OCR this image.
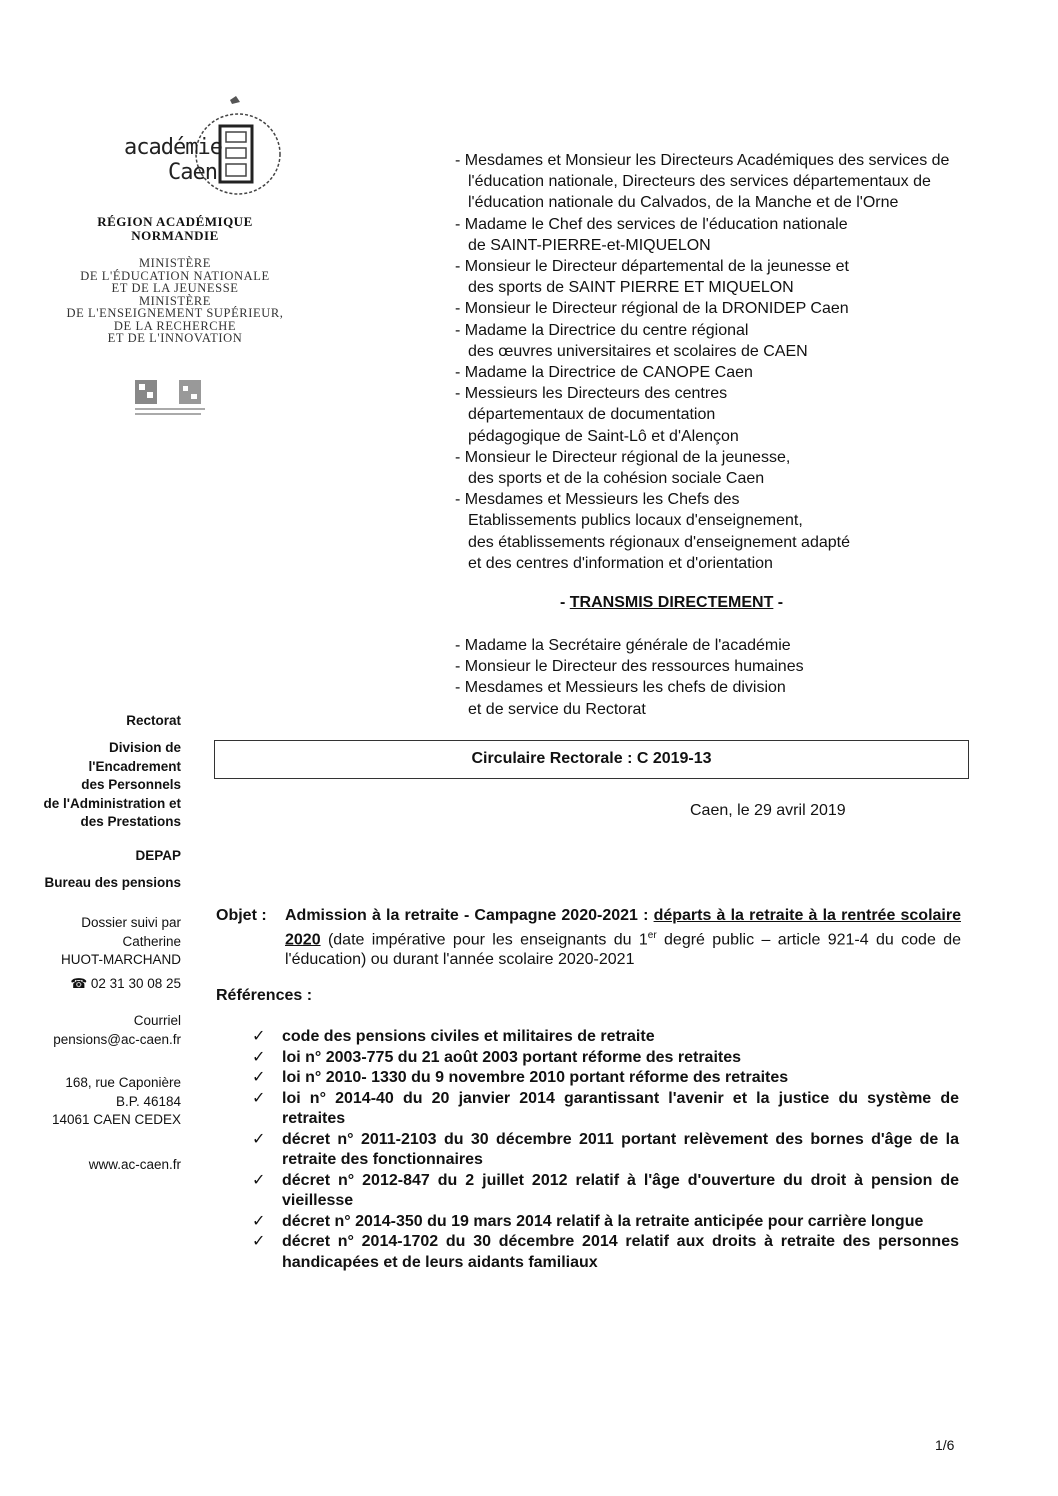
académie
Caen
RÉGION ACADÉMIQUE
NORMANDIE
MINISTÈRE
DE L'ÉDUCATION NATIONALE
ET DE LA JEUNESSE
MINISTÈRE
DE L'ENSEIGNEMENT SUPÉRIEUR,
DE LA RECHERCHE
ET DE L'INNOVATION
- Mesdames et Monsieur les Directeurs Académiques des services de
l'éducation nationale, Directeurs des services départementaux de
l'éducation nationale du Calvados, de la Manche et de l'Orne
- Madame le Chef des services de l'éducation nationale
de SAINT-PIERRE-et-MIQUELON
- Monsieur le Directeur départemental de la jeunesse et
des sports de SAINT PIERRE ET MIQUELON
- Monsieur le Directeur régional de la DRONIDEP Caen
- Madame la Directrice du centre régional
des œuvres universitaires et scolaires de CAEN
- Madame la Directrice de CANOPE Caen
- Messieurs les Directeurs des centres
départementaux de documentation
pédagogique de Saint-Lô et d'Alençon
- Monsieur le Directeur régional de la jeunesse,
des sports et de la cohésion sociale Caen
- Mesdames et Messieurs les Chefs des
Etablissements publics locaux d'enseignement,
des établissements régionaux d'enseignement adapté
et des centres d'information et d'orientation
- TRANSMIS DIRECTEMENT -
- Madame la Secrétaire générale de l'académie
- Monsieur le Directeur des ressources humaines
- Mesdames et Messieurs les chefs de division
et de service du Rectorat
Rectorat
Division de
l'Encadrement
des Personnels
de l'Administration et
des Prestations
DEPAP
Bureau des pensions
Dossier suivi par
Catherine
HUOT-MARCHAND
☎ 02 31 30 08 25
Courriel
pensions@ac-caen.fr
168, rue Caponière
B.P. 46184
14061 CAEN CEDEX
www.ac-caen.fr
Circulaire Rectorale : C 2019-13
Caen, le 29 avril 2019
Objet : Admission à la retraite - Campagne 2020-2021 : départs à la retraite à la rentrée scolaire 2020 (date impérative pour les enseignants du 1er degré public – article 921-4 du code de l'éducation) ou durant l'année scolaire 2020-2021
Références :
✓ code des pensions civiles et militaires de retraite
✓ loi n° 2003-775 du 21 août 2003 portant réforme des retraites
✓ loi n° 2010- 1330 du 9 novembre 2010 portant réforme des retraites
✓ loi n° 2014-40 du 20 janvier 2014 garantissant l'avenir et la justice du système de retraites
✓ décret n° 2011-2103 du 30 décembre 2011 portant relèvement des bornes d'âge de la retraite des fonctionnaires
✓ décret n° 2012-847 du 2 juillet 2012 relatif à l'âge d'ouverture du droit à pension de vieillesse
✓ décret n° 2014-350 du 19 mars 2014 relatif à la retraite anticipée pour carrière longue
✓ décret n° 2014-1702 du 30 décembre 2014 relatif aux droits à retraite des personnes handicapées et de leurs aidants familiaux
1/6
